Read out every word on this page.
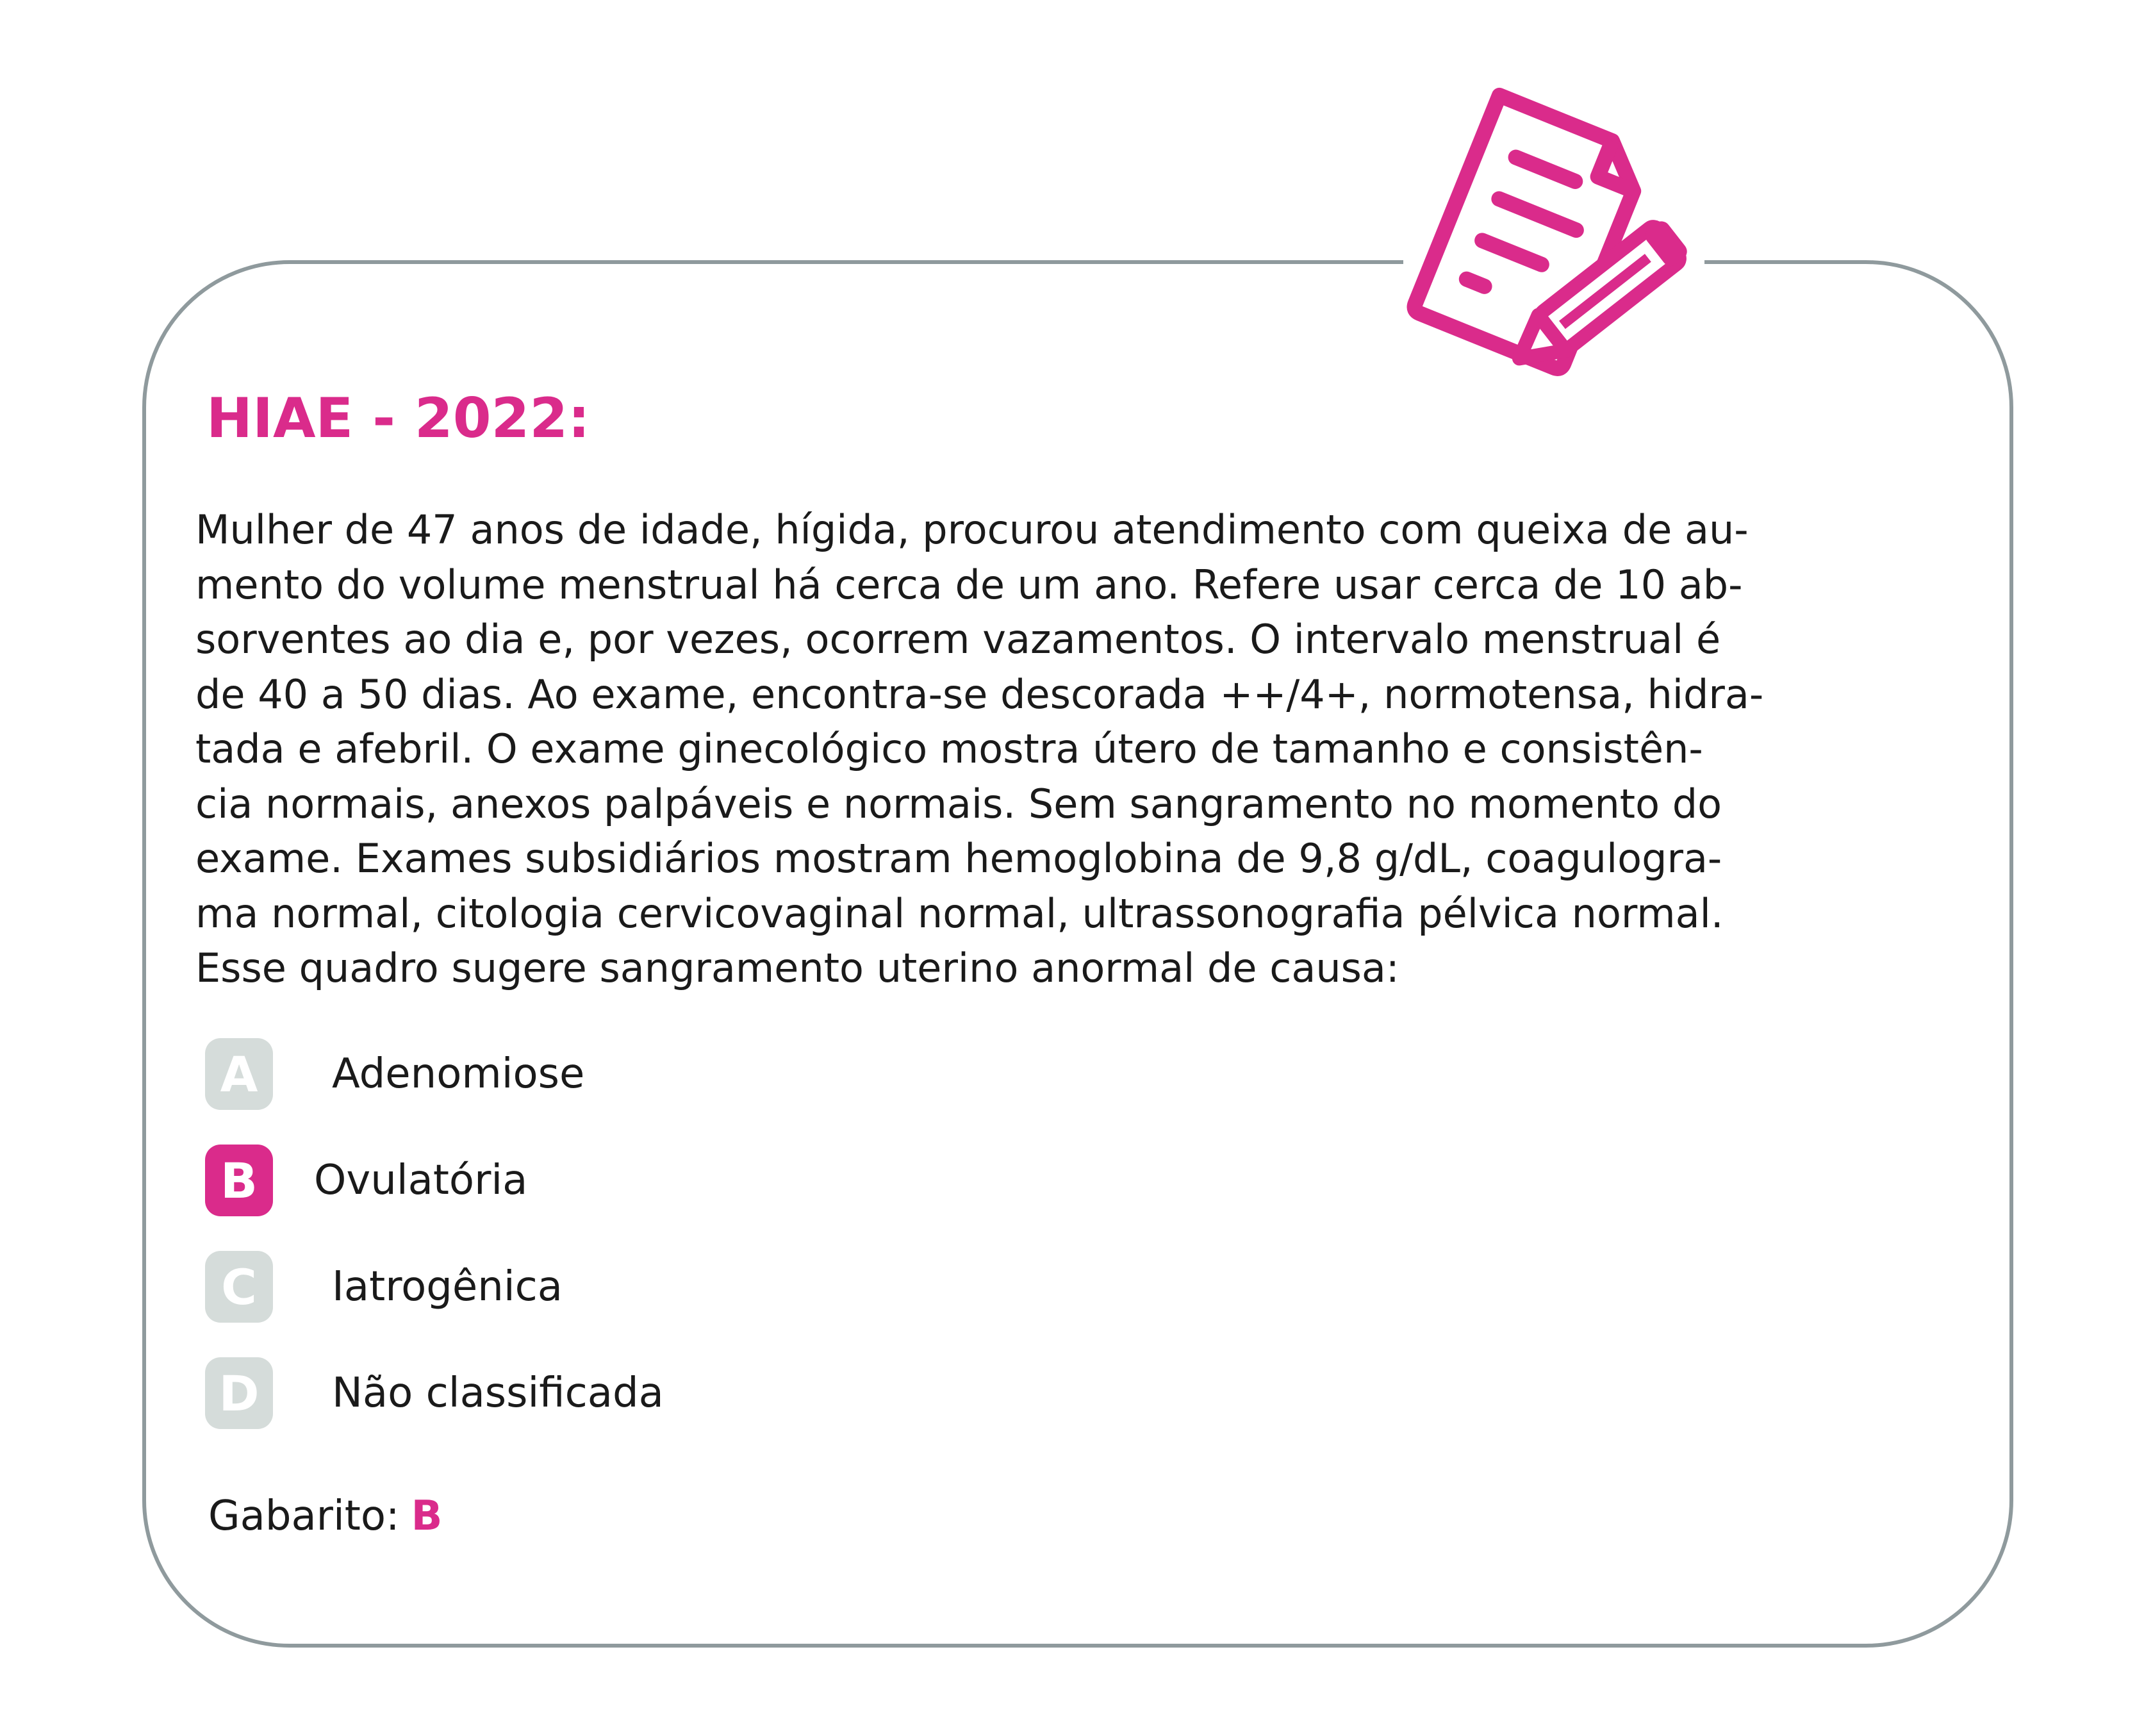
HIAE - 2022:
Mulher de 47 anos de idade, hígida, procurou atendimento com queixa de au-
mento do volume menstrual há cerca de um ano. Refere usar cerca de 10 ab-
sorventes ao dia e, por vezes, ocorrem vazamentos. O intervalo menstrual é
de 40 a 50 dias. Ao exame, encontra-se descorada ++/4+, normotensa, hidra-
tada e afebril. O exame ginecológico mostra útero de tamanho e consistên-
cia normais, anexos palpáveis e normais. Sem sangramento no momento do
exame. Exames subsidiários mostram hemoglobina de 9,8 g/dL, coagulogra-
ma normal, citologia cervicovaginal normal, ultrassonografia pélvica normal.
Esse quadro sugere sangramento uterino anormal de causa:
A	Adenomiose
B	Ovulatória
C	Iatrogênica
D	Não classificada
Gabarito: B
